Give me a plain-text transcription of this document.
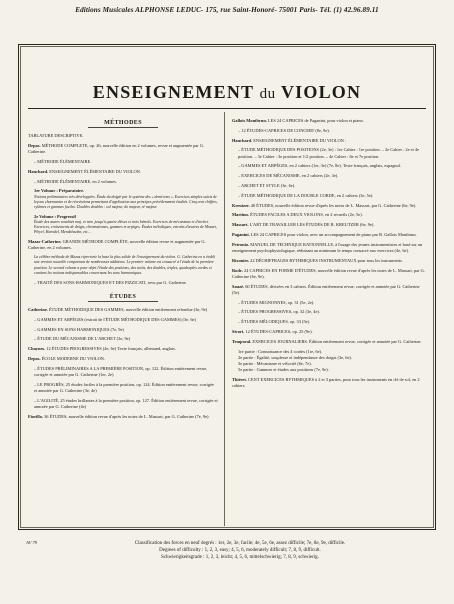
Editions Musicales ALPHONSE LEDUC- 175, rue Saint-Honoré- 75001 Paris- Tél. (1) 42.96.89.11
ENSEIGNEMENT du VIOLON
MÉTHODES
TABLATURE DESCRIPTIVE.
Depas. MÉTHODE COMPLETE, op. 26, nouvelle édition en 2 volumes, revue et augmentée par G. Catherine.
– MÉTHODE ÉLÉMENTAIRE.
Hauchard. ENSEIGNEMENT ÉLÉMENTAIRE DU VIOLON.
– MÉTHODE ÉLÉMENTAIRE, en 2 volumes.
1er Volume : Préparatoire.
Notions préliminaires très développées. Étude du doigté par le système des « demi-tons ». Exercices simples suivis de leçons charmantes et de récréations permettant d'application aux principes précédemment étudiés. Cinq cent chiffres, rythmes et gammes faciles. Doubles doubles : sol majeur, do majeur, ré majeur.
2e Volume : Progressif
Étude des autres tonalités maj. et min. jusqu'à quatre dièses et trois bémols. Exercices de mécanisme et d'archet. Exercices, croisements de doigts, chromatismes, gammes et arpèges. Études mélodiques, extraits d'œuvres de Mozart, Pleyel, Haendel, Mendelssohn, etc...
Mazas-Catherine. GRANDE MÉTHODE COMPLÈTE, nouvelle édition revue et augmentée par G. Catherine, en 2 volumes.
La célèbre méthode de Mazas répertorie la base la plus solide de l'enseignement du violon. G. Catherine en a établi une version nouvelle comportant de nombreuses additions. Le premier volume est consacré à l'étude de la première position. Le second volume a pour objet l'étude des positions, des traits, des doubles, triples, quadruples cordes et contient les notions indispensables concernant les sons harmoniques.
– TRAITÉ DES SONS HARMONIQUES ET DES PIZZICATI, revu par G. Catherine.
ÉTUDES
Catherine. ÉTUDE MÉTHODIQUE DES GAMMES, nouvelle édition entièrement refondue (3e, 9e)
– GAMMES ET ARPÈGES (extrait de l'ÉTUDE MÉTHODIQUE DES GAMMES) (3e, 6e)
– GAMMES EN SONS HARMONIQUES (7e, 9e)
– ÉTUDE DU MÉCANISME DE L'ARCHET (3e, 9e)
Chaynes. 12 ÉTUDES PROGRESSIVES (4e, 6e) Texte français, allemand, anglais.
Depas. ÉCOLE MODERNE DU VIOLON.
– ÉTUDES PRÉLIMINAIRES A LA PREMIÈRE POSITION, op. 122. Édition entièrement revue, corrigée et annotée par G. Catherine (1er, 2e)
– LE PROGRÈS, 25 études faciles à la première position, op. 124. Édition entièrement revue, corrigée et annotée par G. Catherine (3e, 4e)
– L'AGILITÉ, 25 études brillantes à la première position, op. 127. Édition entièrement revue, corrigée et annotée par G. Catherine (4e)
Fiorillo. 36 ÉTUDES, nouvelle édition revue d'après les notes de L. Massart, par G. Catherine (7e, 9e)
Gallois Montbrun. LES 24 CAPRICES de Paganini, pour violon et piano.
– 12 ÉTUDES-CAPRICES DE CONCERT (8e, 9e).
Hauchard. ENSEIGNEMENT ÉLÉMENTAIRE DU VIOLON :
– ÉTUDE MÉTHODIQUE DES POSITIONS (2e, 3e) : 1er Cahier : 1re position. – 2e Cahier : 2e et 4e position. – 3e Cahier : 3e position et 1/2 position. – 4e Cahier : 6e et 7e position.
– GAMMES ET ARPÈGES, en 2 cahiers (1er, 3e) (7e, 8e). Texte français, anglais, espagnol.
– EXERCICES DE MÉCANISME, en 2 cahiers (2e, 3e).
– ARCHET ET STYLE (3e, 6e).
– ÉTUDE MÉTHODIQUE DE LA DOUBLE CORDE, en 2 cahiers (3e, 5e).
Kreutzer. 40 ÉTUDES, nouvelle édition revue d'après les notes de L. Massart, par G. Catherine (6e, 9e).
Martinn. ÉTUDES FACILES A DEUX VIOLONS, en 2 recueils (2e, 5e).
Massart. L'ART DE TRAVAILLER LES ÉTUDES DE R. KREUTZER (6e, 9e).
Paganini. LES 24 CAPRICES pour violon, avec un accompagnement de piano par R. Gallois Montbrun.
Petronio. MANUEL DE TECHNIQUE RATIONNELLE, à l'usage des jeunes instrumentistes et basé sur un enseignement psychophysiologique, réduisant au minimum le temps consacré aux exercices (4e, 6e).
Rixonier. 22 DÉCHIFFRAGES RYTHMIQUES INSTRUMENTAUX pour tous les instruments.
Rode. 24 CAPRICES EN FORME D'ÉTUDES, nouvelle édition revue d'après les notes de L. Massart, par G. Catherine (6e, 9e).
Sauzé. 60 ÉTUDES, divisées en 3 cahiers. Édition entièrement revue, corrigée et annotée par G. Catherine (5e).
– ÉTUDES MIGNONNES, op. 31 (5e, 2e).
– ÉTUDES PROGRESSIVES, op. 32 (3e, 4e).
– ÉTUDES MÉLODIQUES, op. 33 (5e).
Sivori. 12 ÉTUDES-CAPRICES, op. 25 (9e).
Temporal. EXERCICES JOURNALIERS. Édition entièrement revue, corrigée et annotée par G. Catherine.
1re partie : Connaissance des 4 cordes (1re, 6e).
2e partie : Égalité, souplesse et indépendance des doigts (3e, 6e).
3e partie : Mécanisme et vélocité (6e, 7e).
5e partie : Gammes et études aux positions (7e, 9e).
Thiéret. CENT EXERCICES RYTHMIQUES à 2 et 3 parties, pour tous les instruments en clé de sol, en 2 cahiers.
AV 79	Classification des forces en neuf degrés : 1er, 2e, 3e, facile; 4e, 5e, 6e, assez difficile; 7e, 8e, 9e, difficile.
Degrees of difficulty : 1, 2, 3, easy; 4, 5, 6, moderately difficult; 7, 8, 9, difficult.
Schwierigkeitsgrade : 1, 2, 3, leicht; 4, 5, 6, mittelschwierig; 7, 8, 9, schwierig.
